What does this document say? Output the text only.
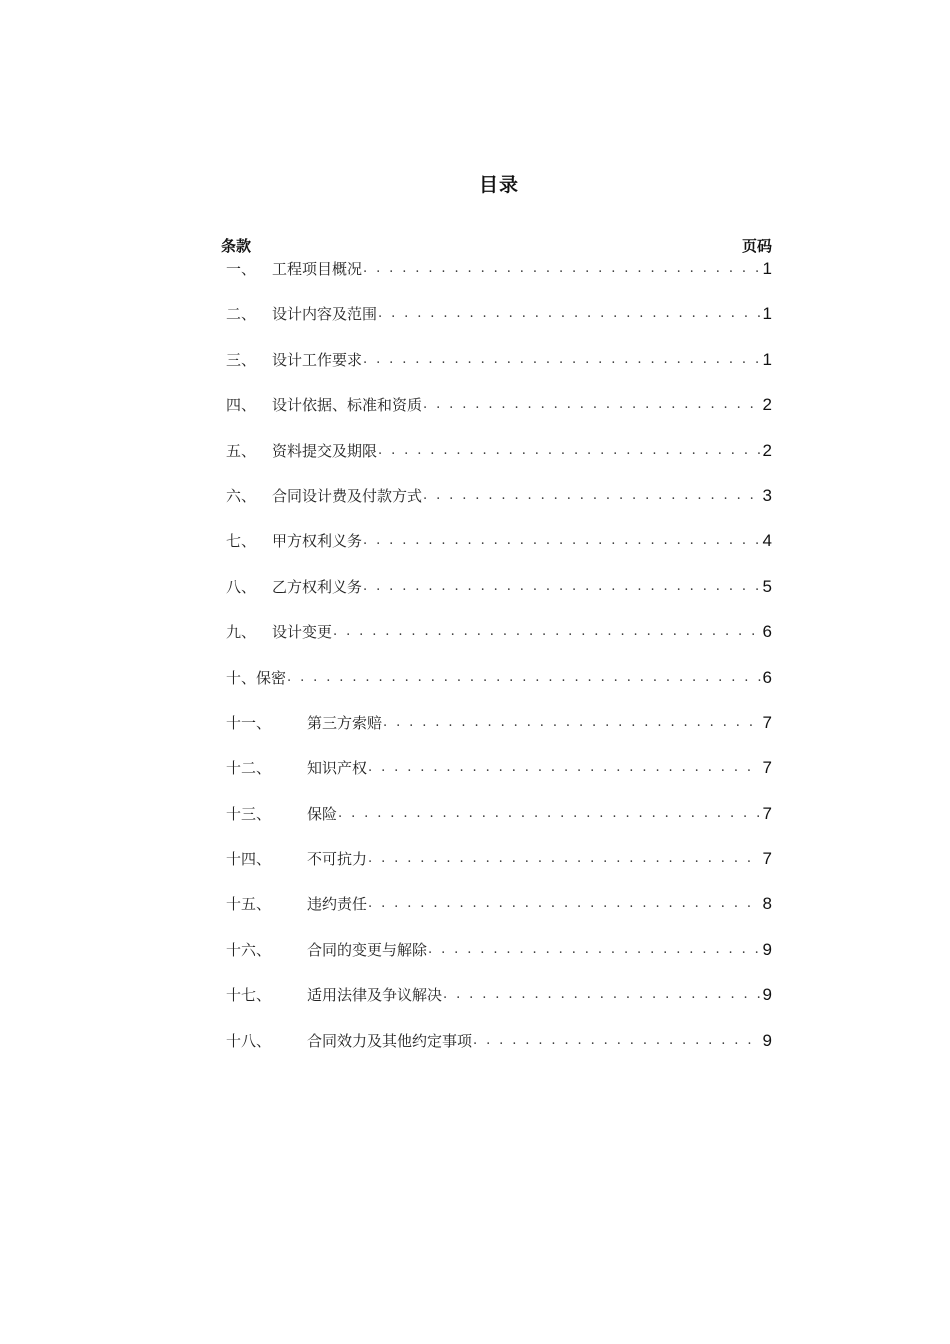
目录
条款	页码
一、	工程项目概况 . . .	1
二、	设计内容及范围 . . .	1
三、	设计工作要求 . . .	1
四、	设计依据、标准和资质 . . .	2
五、	资料提交及期限 . . .	2
六、	合同设计费及付款方式 . . .	3
七、	甲方权利义务 . . .	4
八、	乙方权利义务 . . .	5
九、	设计变更 . . .	6
十、 保密 . . .	6
十一、	第三方索赔 . . .	7
十二、	知识产权 . . .	7
十三、	保险 . . .	7
十四、	不可抗力 . . .	7
十五、	违约责任 . . .	8
十六、	合同的变更与解除 . . .	9
十七、	适用法律及争议解决 . . .	9
十八、	合同效力及其他约定事项 . . .	9
